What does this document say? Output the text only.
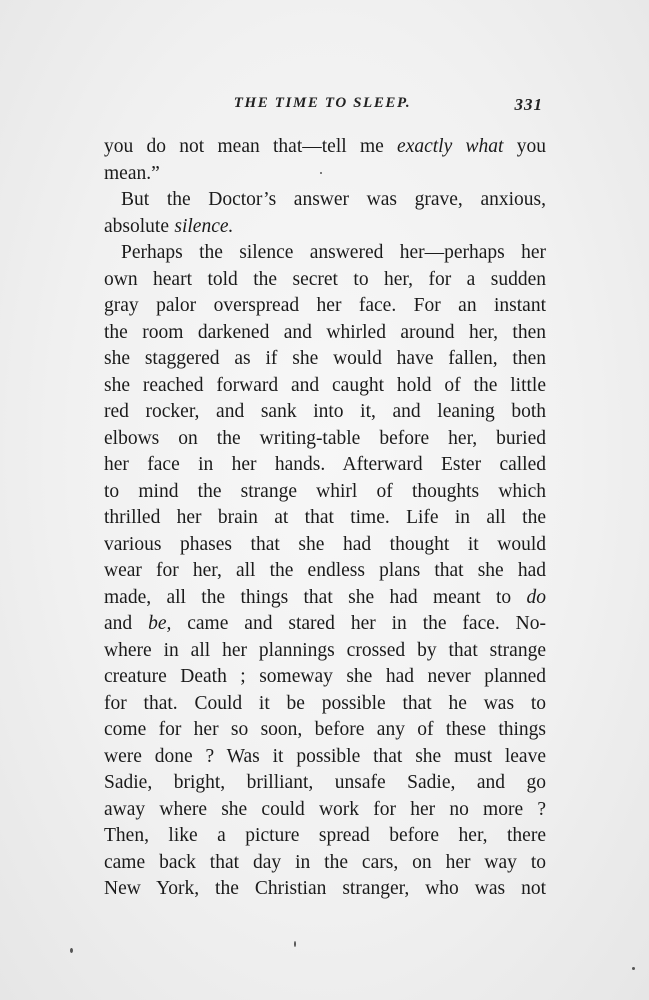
THE TIME TO SLEEP.	331
you do not mean that—tell me exactly what you
mean.”
But the Doctor’s answer was grave, anxious,
absolute silence.
Perhaps the silence answered her—perhaps her
own heart told the secret to her, for a sudden
gray palor overspread her face. For an instant
the room darkened and whirled around her, then
she staggered as if she would have fallen, then
she reached forward and caught hold of the little
red rocker, and sank into it, and leaning both
elbows on the writing-table before her, buried
her face in her hands. Afterward Ester called
to mind the strange whirl of thoughts which
thrilled her brain at that time. Life in all the
various phases that she had thought it would
wear for her, all the endless plans that she had
made, all the things that she had meant to do
and be, came and stared her in the face. No-
where in all her plannings crossed by that strange
creature Death ; someway she had never planned
for that. Could it be possible that he was to
come for her so soon, before any of these things
were done ? Was it possible that she must leave
Sadie, bright, brilliant, unsafe Sadie, and go
away where she could work for her no more ?
Then, like a picture spread before her, there
came back that day in the cars, on her way to
New York, the Christian stranger, who was not
